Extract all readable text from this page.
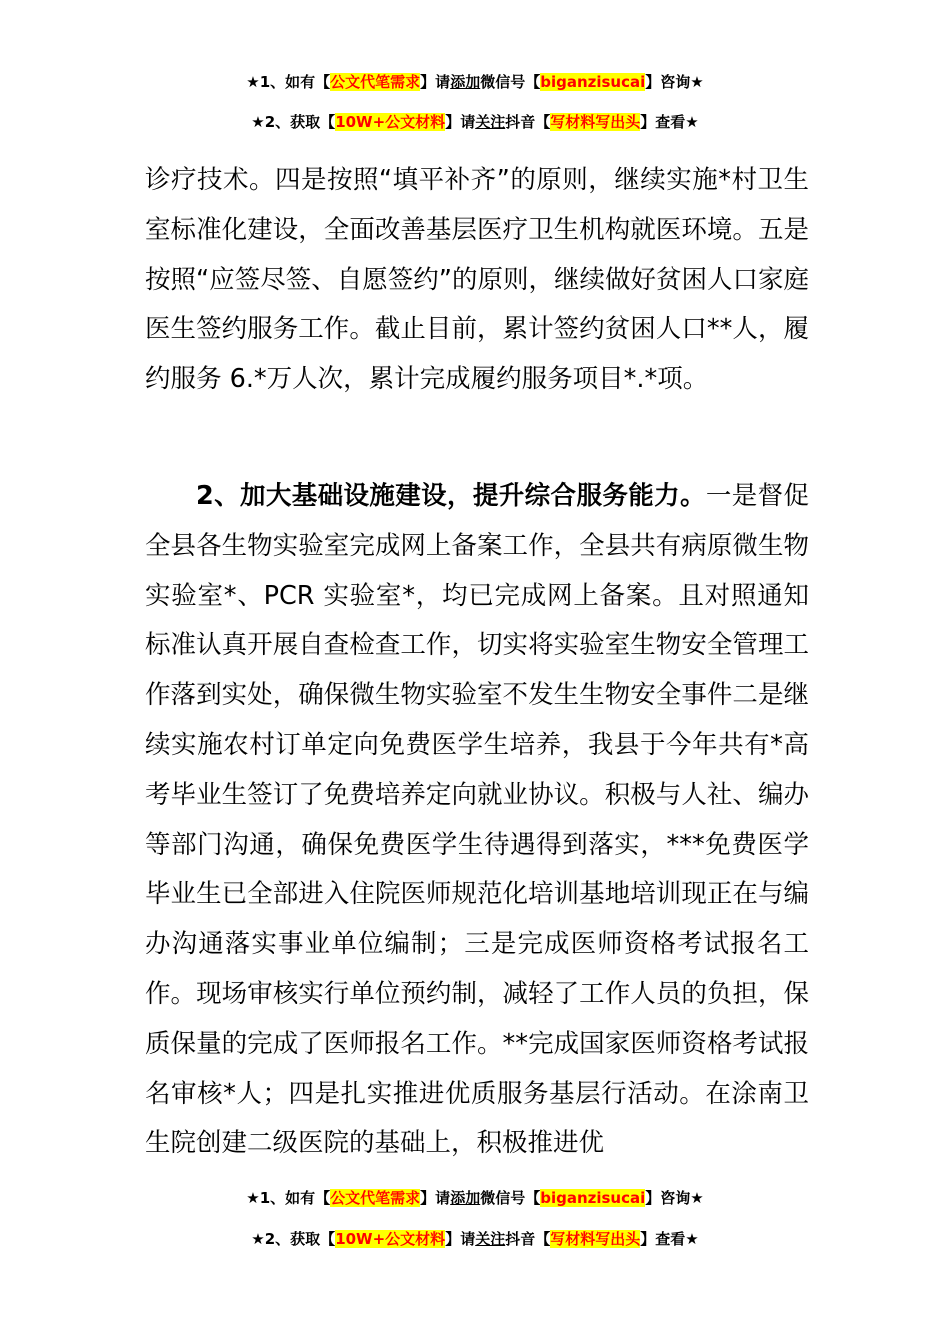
★1、如有【公文代笔需求】请添加微信号【biganzisucai】咨询★
★2、获取【10W+公文材料】请关注抖音【写材料写出头】查看★
诊疗技术。四是按照“填平补齐”的原则，继续实施*村卫生室标准化建设，全面改善基层医疗卫生机构就医环境。五是按照“应签尽签、自愿签约”的原则，继续做好贫困人口家庭医生签约服务工作。截止目前，累计签约贫困人口**人，履约服务 6.*万人次，累计完成履约服务项目*.*项。
2、加大基础设施建设，提升综合服务能力。一是督促全县各生物实验室完成网上备案工作，全县共有病原微生物实验室*、PCR 实验室*，均已完成网上备案。且对照通知标准认真开展自查检查工作，切实将实验室生物安全管理工作落到实处，确保微生物实验室不发生生物安全事件二是继续实施农村订单定向免费医学生培养，我县于今年共有*高考毕业生签订了免费培养定向就业协议。积极与人社、编办等部门沟通，确保免费医学生待遇得到落实，***免费医学毕业生已全部进入住院医师规范化培训基地培训现正在与编办沟通落实事业单位编制；三是完成医师资格考试报名工作。现场审核实行单位预约制，减轻了工作人员的负担，保质保量的完成了医师报名工作。**完成国家医师资格考试报名审核*人；四是扎实推进优质服务基层行活动。在涂南卫生院创建二级医院的基础上，积极推进优
★1、如有【公文代笔需求】请添加微信号【biganzisucai】咨询★
★2、获取【10W+公文材料】请关注抖音【写材料写出头】查看★
